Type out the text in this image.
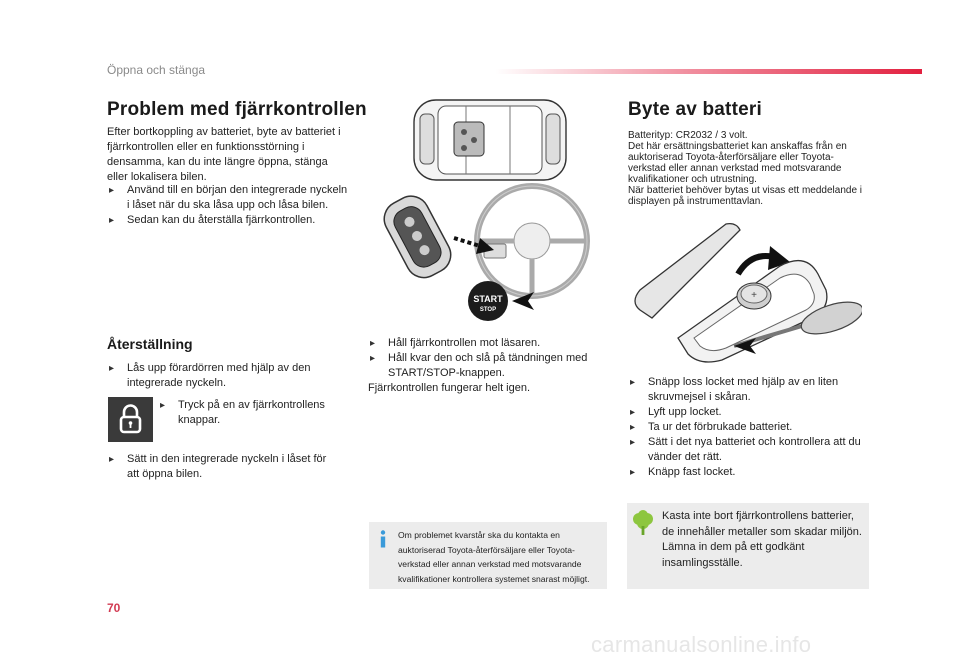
Öppna och stänga
Problem med fjärrkontrollen

Efter bortkoppling av batteriet, byte av batteriet i fjärrkontrollen eller en funktionsstörning i densamma, kan du inte längre öppna, stänga eller lokalisera bilen.

▸ Använd till en början den integrerade nyckeln i låset när du ska låsa upp och låsa bilen.
▸ Sedan kan du återställa fjärrkontrollen.
Återställning
▸ Lås upp förardörren med hjälp av den integrerade nyckeln.
▸ Tryck på en av fjärrkontrollens knappar.
▸ Sätt in den integrerade nyckeln i låset för att öppna bilen.
70
START
STOP
▸ Håll fjärrkontrollen mot läsaren.
▸ Håll kvar den och slå på tändningen med START/STOP-knappen.

Fjärrkontrollen fungerar helt igen.

Om problemet kvarstår ska du kontakta en auktoriserad Toyota-återförsäljare eller Toyota-verkstad eller annan verkstad med motsvarande kvalifikationer kontrollera systemet snarast möjligt.

Byte av batteri
Batterityp: CR2032 / 3 volt.
Det här ersättningsbatteriet kan anskaffas från en auktoriserad Toyota-återförsäljare eller Toyota-verkstad eller annan verkstad med motsvarande kvalifikationer och utrustning.
När batteriet behöver bytas ut visas ett meddelande i displayen på instrumenttavlan.
+
▸ Snäpp loss locket med hjälp av en liten skruvmejsel i skåran.
▸ Lyft upp locket.
▸ Ta ur det förbrukade batteriet.
▸ Sätt i det nya batteriet och kontrollera att du vänder det rätt.
▸ Knäpp fast locket.

Kasta inte bort fjärrkontrollens batterier, de innehåller metaller som skadar miljön. Lämna in dem på ett godkänt insamlingsställe.

carmanualsonline.info
